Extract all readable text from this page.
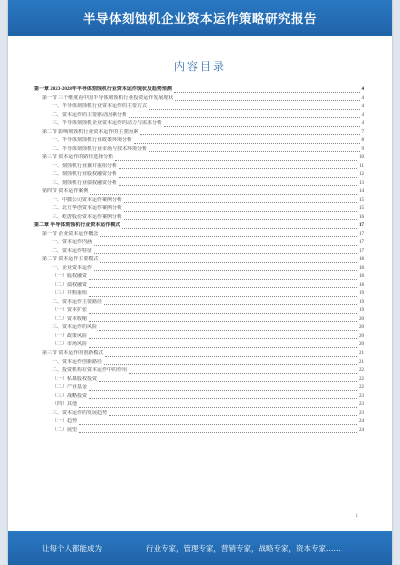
半导体刻蚀机企业资本运作策略研究报告
内容目录
第一章 2023-2028年半导体刻蚀机行业资本运作现状及趋势预测	4
第一节 三个维度看中国半导体刻蚀机行业投资运作发展现状	4
一、半导体刻蚀机行业资本运作的主要方式	4
二、资本运作的主要驱动因素分析	4
三、半导体刻蚀机企业资本运作的动力与需求分析	4
第二节 影响刻蚀机行业资本运作的主要因素	7
一、半导体刻蚀机行业政策环境分析	8
二、半导体刻蚀机行业市场与技术环境分析	9
第三节 资本运作的路径选择分析	10
一、刻蚀机行业兼并重组分析	11
二、刻蚀机行业股权融资分析	12
三、刻蚀机行业债权融资分析	13
第四节 资本运作案例	14
一、中微公司资本运作案例分析	15
二、北方华创资本运作案例分析	15
三、屹唐股份资本运作案例分析	16
第二章 半导体刻蚀机行业资本运作模式	17
第一节 企业资本运作概念	17
一、资本运作内涵	17
二、资本运作特征	17
第二节 资本运作主要模式	18
一、企业资本运作	18
（一）股权融资	18
（二）债权融资	18
（三）并购重组	19
二、资本运作主要路径	19
（一）资本扩张	19
（二）资本收缩	20
三、资本运作的风险	20
（一）政策风险	20
（二）市场风险	20
第三节 资本运作的创新模式	21
一、资本运作创新路径	21
二、投资机构在资本运作中的作用	22
（一）私募股权投资	22
（二）产业基金	22
（三）战略投资	23
（四）其他	23
三、资本运作的发展趋势	23
（一）趋势	24
（二）展望	24
1
让每个人都能成为	行业专家，管理专家，营销专家，战略专家，资本专家……
